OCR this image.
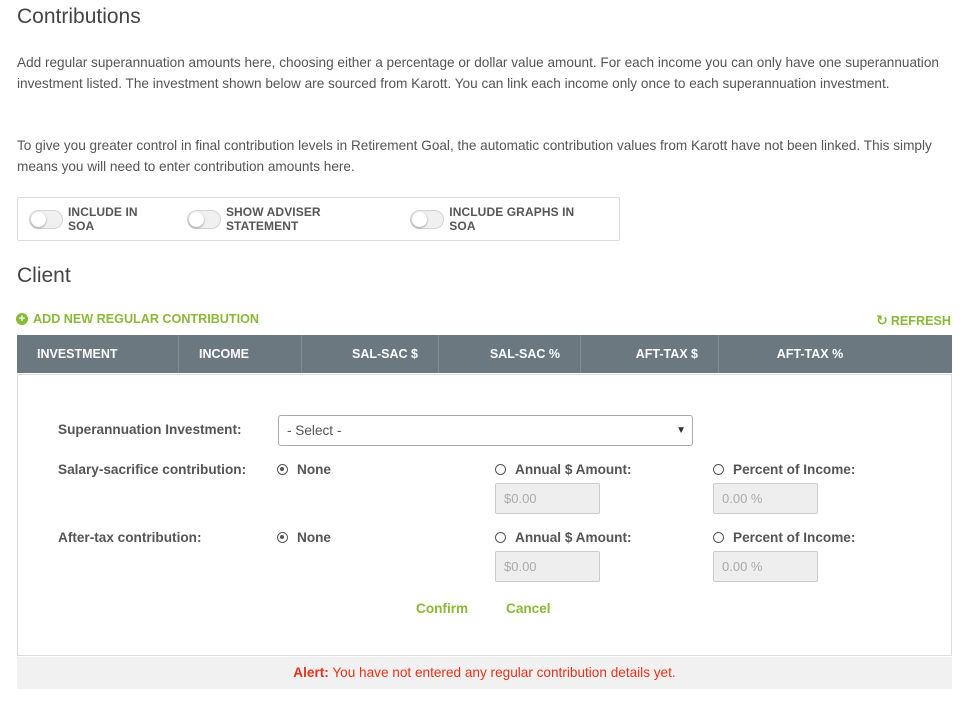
Contributions

Add regular superannuation amounts here, choosing either a percentage or dollar value amount. For each income you can only have one superannuation investment listed. The investment shown below are sourced from Karott. You can link each income only once to each superannuation investment.

To give you greater control in final contribution levels in Retirement Goal, the automatic contribution values from Karott have not been linked. This simply means you will need to enter contribution amounts here.

INCLUDE IN SOA
SHOW ADVISER STATEMENT
INCLUDE GRAPHS IN SOA
Client
+ ADD NEW REGULAR CONTRIBUTION	↻ REFRESH
INVESTMENT	INCOME	SAL-SAC $	SAL-SAC %	AFT-TAX $	AFT-TAX %
Superannuation Investment:	- Select -	▼
Salary-sacrifice contribution:	None	Annual $ Amount:	Percent of Income:
$0.00	0.00 %
After-tax contribution:	None	Annual $ Amount:	Percent of Income:
$0.00	0.00 %
Confirm	Cancel
Alert: You have not entered any regular contribution details yet.
